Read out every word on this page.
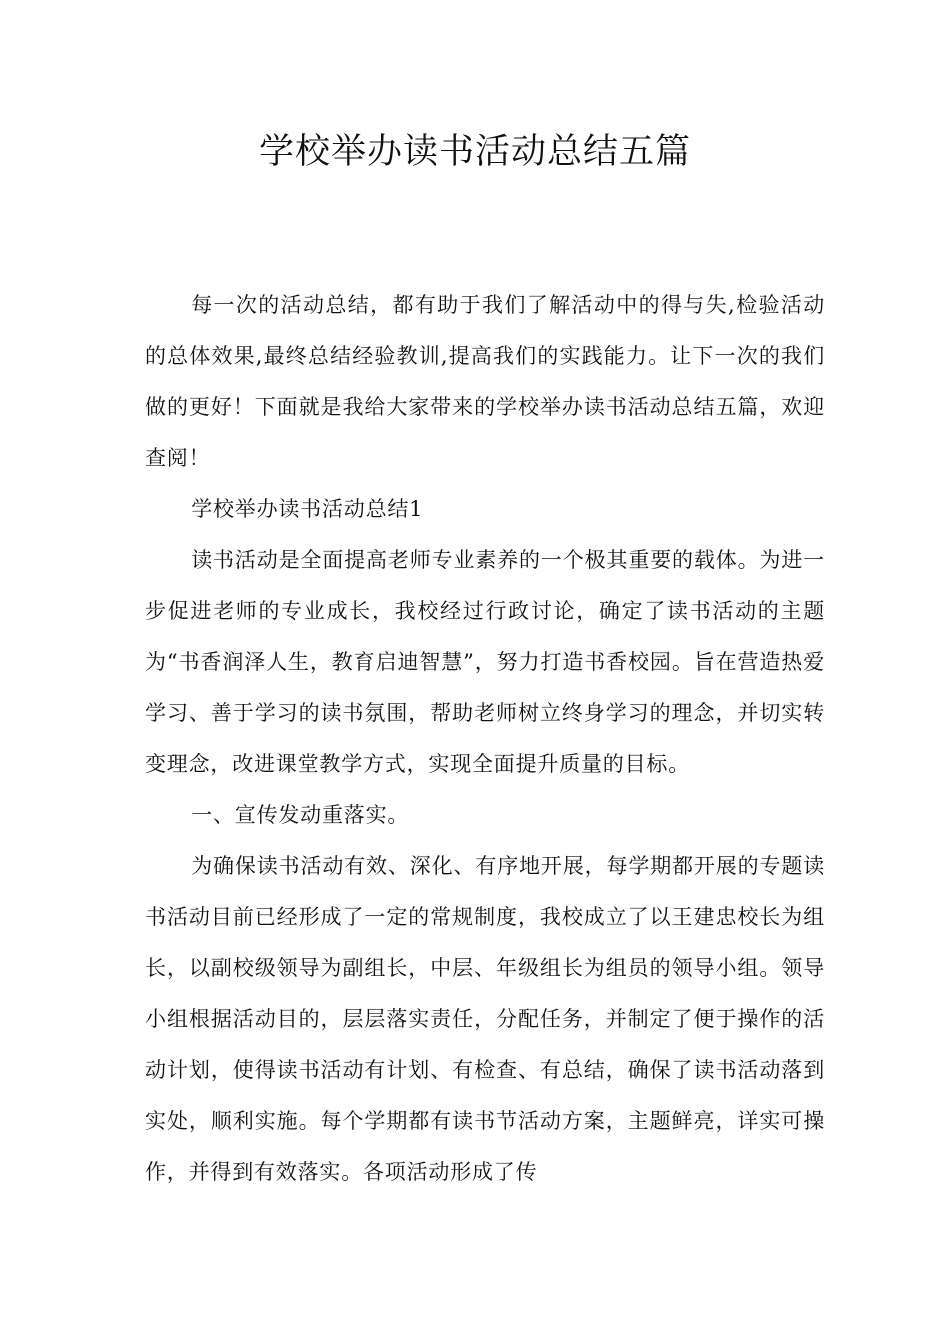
学校举办读书活动总结五篇

每一次的活动总结，都有助于我们了解活动中的得与失,检验活动的总体效果,最终总结经验教训,提高我们的实践能力。让下一次的我们做的更好！下面就是我给大家带来的学校举办读书活动总结五篇，欢迎查阅！

学校举办读书活动总结1

读书活动是全面提高老师专业素养的一个极其重要的载体。为进一步促进老师的专业成长，我校经过行政讨论，确定了读书活动的主题为“书香润泽人生，教育启迪智慧”，努力打造书香校园。旨在营造热爱学习、善于学习的读书氛围，帮助老师树立终身学习的理念，并切实转变理念，改进课堂教学方式，实现全面提升质量的目标。

一、宣传发动重落实。

为确保读书活动有效、深化、有序地开展，每学期都开展的专题读书活动目前已经形成了一定的常规制度，我校成立了以王建忠校长为组长，以副校级领导为副组长，中层、年级组长为组员的领导小组。领导小组根据活动目的，层层落实责任，分配任务，并制定了便于操作的活动计划，使得读书活动有计划、有检查、有总结，确保了读书活动落到实处，顺利实施。每个学期都有读书节活动方案，主题鲜亮，详实可操作，并得到有效落实。各项活动形成了传
